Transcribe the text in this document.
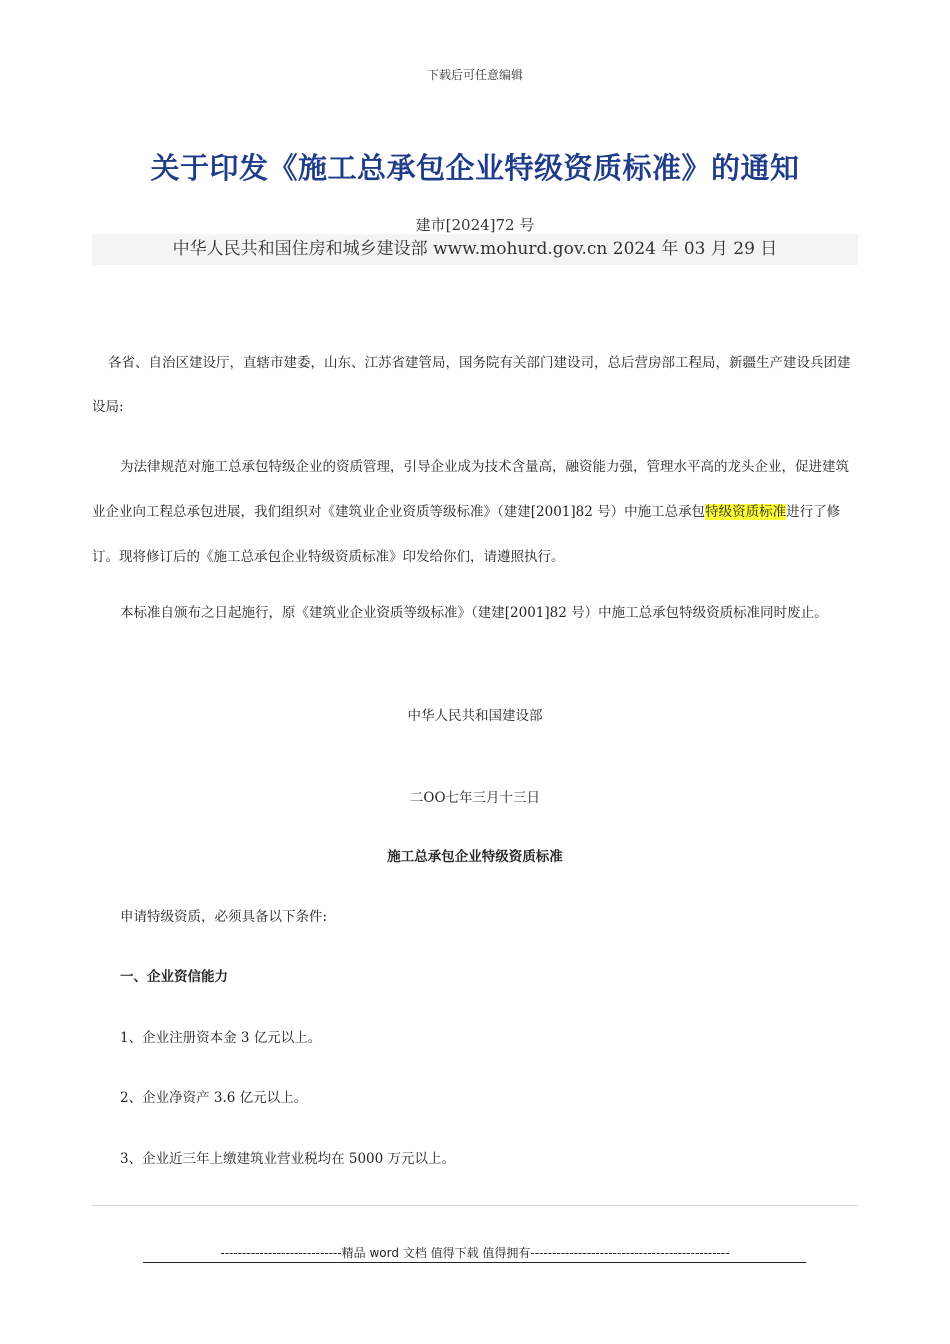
下载后可任意编辑
关于印发《施工总承包企业特级资质标准》的通知
建市[2024]72 号
中华人民共和国住房和城乡建设部 www.mohurd.gov.cn 2024 年 03 月 29 日
各省、自治区建设厅，直辖市建委，山东、江苏省建管局，国务院有关部门建设司，总后营房部工程局，新疆生产建设兵团建设局:
为法律规范对施工总承包特级企业的资质管理，引导企业成为技术含量高，融资能力强，管理水平高的龙头企业，促进建筑业企业向工程总承包进展，我们组织对《建筑业企业资质等级标准》（建建[2001]82 号）中施工总承包特级资质标准进行了修订。现将修订后的《施工总承包企业特级资质标准》印发给你们，请遵照执行。
本标准自颁布之日起施行，原《建筑业企业资质等级标准》（建建[2001]82 号）中施工总承包特级资质标准同时废止。
中华人民共和国建设部
二OO七年三月十三日
施工总承包企业特级资质标准
申请特级资质，必须具备以下条件:
一、企业资信能力
1、企业注册资本金 3 亿元以上。
2、企业净资产 3.6 亿元以上。
3、企业近三年上缴建筑业营业税均在 5000 万元以上。
----------------------------精品 word 文档 值得下载 值得拥有----------------------------------------------
